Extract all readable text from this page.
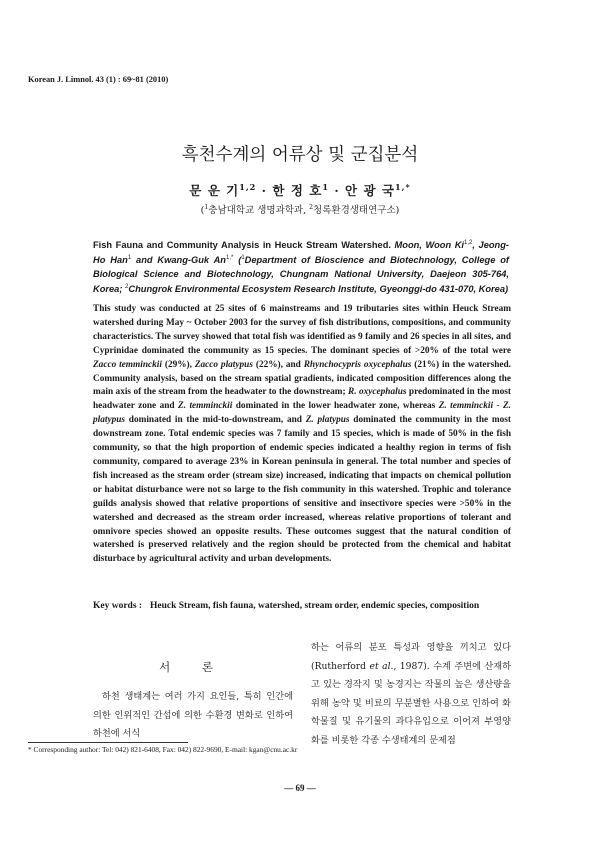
Korean J. Limnol. 43 (1) : 69~81 (2010)
흑천수계의 어류상 및 군집분석
문 운 기$^{1,2}$ · 한 정 호$^1$ · 안 광 국$^{1,*}$
($^1$충남대학교 생명과학과, $^2$청록환경생태연구소)
Fish Fauna and Community Analysis in Heuck Stream Watershed. Moon, Woon Ki$^{1,2}$, Jeong-Ho Han$^1$ and Kwang-Guk $An^{1,*}$ ($^1$Department of Bioscience and Biotechnology, College of Biological Science and Biotechnology, Chungnam National University, Daejeon 305-764, Korea; $^2$Chungrok Environmental Ecosystem Research Institute, Gyeonggi-do 431-070, Korea)
This study was conducted at 25 sites of 6 mainstreams and 19 tributaries sites within Heuck Stream watershed during May ~ October 2003 for the survey of fish distributions, compositions, and community characteristics. The survey showed that total fish was identified as 9 family and 26 species in all sites, and Cyprinidae dominated the community as 15 species. The dominant species of >20% of the total were Zacco temminckii (29%), Zacco platypus (22%), and Rhynchocypris oxycephalus (21%) in the watershed. Community analysis, based on the stream spatial gradients, indicated composition differences along the main axis of the stream from the headwater to the downstream; R. oxycephalus predominated in the most headwater zone and Z. temminckii dominated in the lower headwater zone, whereas Z. temminckii - Z. platypus dominated in the mid-to-downstream, and Z. platypus dominated the community in the most downstream zone. Total endemic species was 7 family and 15 species, which is made of 50% in the fish community, so that the high proportion of endemic species indicated a healthy region in terms of fish community, compared to average 23% in Korean peninsula in general. The total number and species of fish increased as the stream order (stream size) increased, indicating that impacts on chemical pollution or habitat disturbance were not so large to the fish community in this watershed. Trophic and tolerance guilds analysis showed that relative proportions of sensitive and insectivore species were >50% in the watershed and decreased as the stream order increased, whereas relative proportions of tolerant and omnivore species showed an opposite results. These outcomes suggest that the natural condition of watershed is preserved relatively and the region should be protected from the chemical and habitat disturbace by agricultural activity and urban developments.
Key words : Heuck Stream, fish fauna, watershed, stream order, endemic species, composition
서 론
하천 생태계는 여러 가지 요인들, 특히 인간에 의한 인위적인 간섭에 의한 수환경 변화로 인하여 하천에 서식
하는 어류의 분포 특성과 영향을 끼치고 있다(Rutherford et al., 1987). 수계 주변에 산재하고 있는 경작지 및 농경지는 작물의 높은 생산량을 위해 농약 및 비료의 무분별한 사용으로 인하여 화학물질 및 유기물의 과다유입으로 이어져 부영양화를 비롯한 각종 수생태계의 문제점
* Corresponding author: Tel: 042) 821-6408, Fax: 042) 822-9690, E-mail: kgan@cnu.ac.kr
— 69 —
